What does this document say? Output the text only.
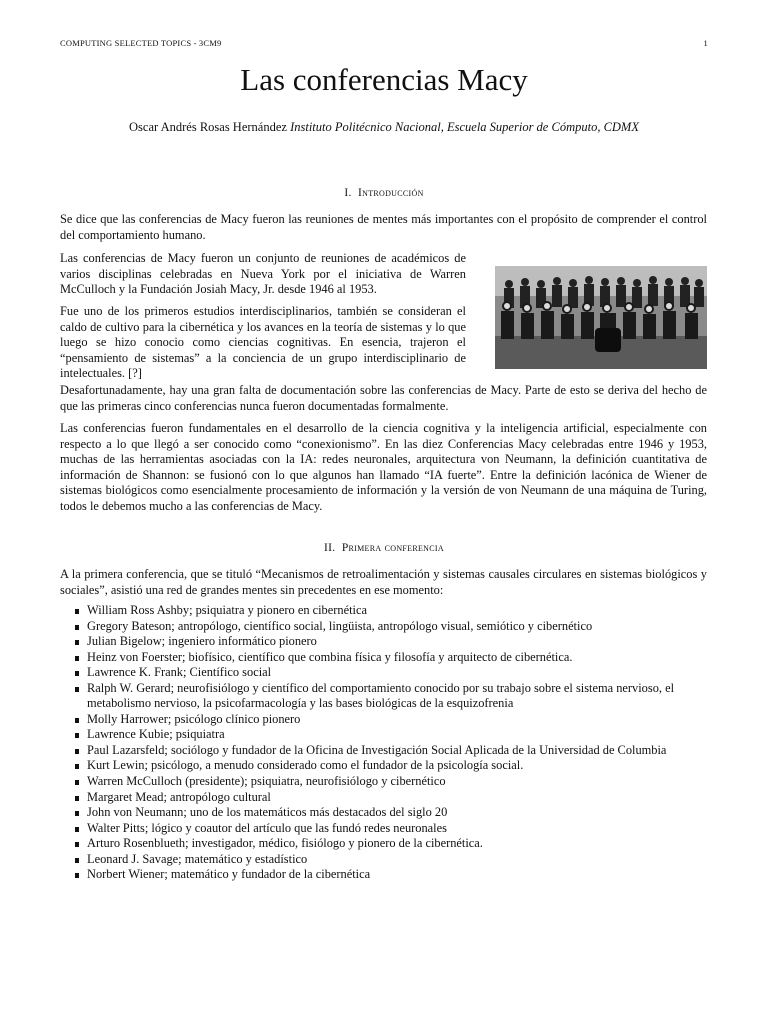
COMPUTING SELECTED TOPICS - 3CM9	1
Las conferencias Macy
Oscar Andrés Rosas Hernández Instituto Politécnico Nacional, Escuela Superior de Cómputo, CDMX
I. Introducción

Se dice que las conferencias de Macy fueron las reuniones de mentes más importantes con el propósito de comprender el control del comportamiento humano.

Las conferencias de Macy fueron un conjunto de reuniones de académicos de varios disciplinas celebradas en Nueva York por el iniciativa de Warren McCulloch y la Fundación Josiah Macy, Jr. desde 1946 al 1953.

Fue uno de los primeros estudios interdisciplinarios, también se consideran el caldo de cultivo para la cibernética y los avances en la teoría de sistemas y lo que luego se hizo conocio como ciencias cognitivas. En esencia, trajeron el “pensamiento de sistemas” a la conciencia de un grupo interdisciplinario de intelectuales. [?]

Desafortunadamente, hay una gran falta de documentación sobre las conferencias de Macy. Parte de esto se deriva del hecho de que las primeras cinco conferencias nunca fueron documentadas formalmente.

Las conferencias fueron fundamentales en el desarrollo de la ciencia cognitiva y la inteligencia artificial, especialmente con respecto a lo que llegó a ser conocido como “conexionismo”. En las diez Conferencias Macy celebradas entre 1946 y 1953, muchas de las herramientas asociadas con la IA: redes neuronales, arquitectura von Neumann, la definición cuantitativa de información de Shannon: se fusionó con lo que algunos han llamado “IA fuerte”. Entre la definición lacónica de Wiener de sistemas biológicos como esencialmente procesamiento de información y la versión de von Neumann de una máquina de Turing, todos le debemos mucho a las conferencias de Macy.

II. Primera conferencia

A la primera conferencia, que se tituló “Mecanismos de retroalimentación y sistemas causales circulares en sistemas biológicos y sociales”, asistió una red de grandes mentes sin precedentes en ese momento:

William Ross Ashby; psiquiatra y pionero en cibernética
Gregory Bateson; antropólogo, científico social, lingüista, antropólogo visual, semiótico y cibernético
Julian Bigelow; ingeniero informático pionero
Heinz von Foerster; biofísico, científico que combina física y filosofía y arquitecto de cibernética.
Lawrence K. Frank; Científico social
Ralph W. Gerard; neurofisiólogo y científico del comportamiento conocido por su trabajo sobre el sistema nervioso, el metabolismo nervioso, la psicofarmacología y las bases biológicas de la esquizofrenia
Molly Harrower; psicólogo clínico pionero
Lawrence Kubie; psiquiatra
Paul Lazarsfeld; sociólogo y fundador de la Oficina de Investigación Social Aplicada de la Universidad de Columbia
Kurt Lewin; psicólogo, a menudo considerado como el fundador de la psicología social.
Warren McCulloch (presidente); psiquiatra, neurofisiólogo y cibernético
Margaret Mead; antropólogo cultural
John von Neumann; uno de los matemáticos más destacados del siglo 20
Walter Pitts; lógico y coautor del artículo que las fundó redes neuronales
Arturo Rosenblueth; investigador, médico, fisiólogo y pionero de la cibernética.
Leonard J. Savage; matemático y estadístico
Norbert Wiener; matemático y fundador de la cibernética
